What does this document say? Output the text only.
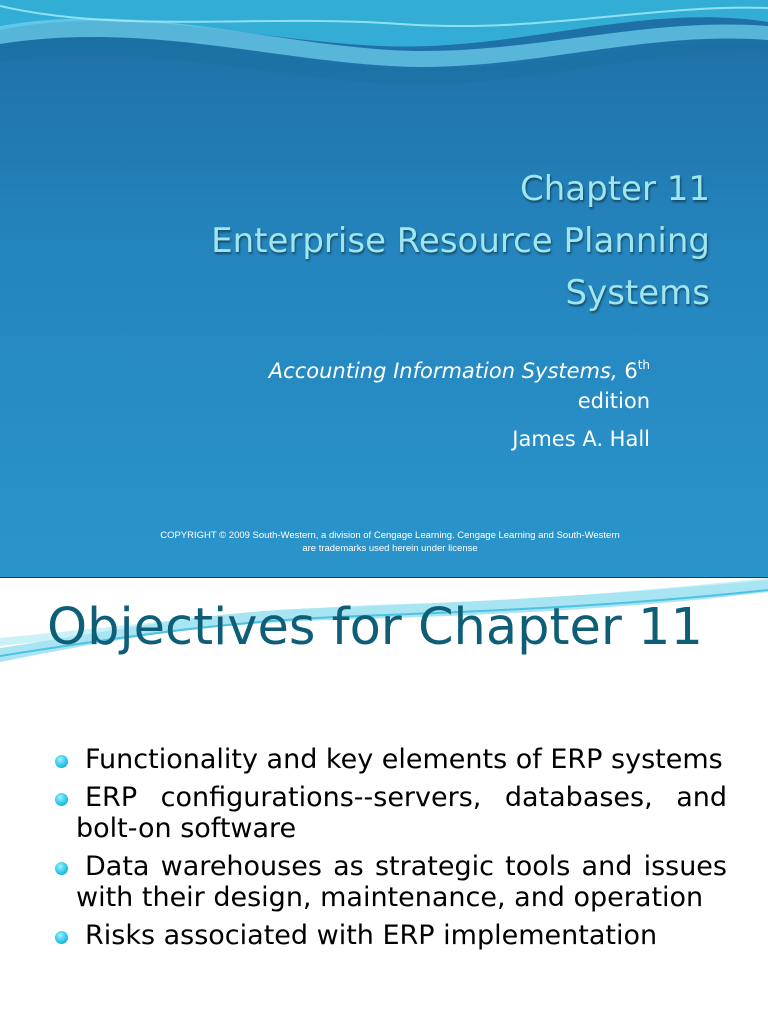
Chapter 11
Enterprise Resource Planning
Systems
Accounting Information Systems, 6th
edition
James A. Hall
COPYRIGHT © 2009 South-Western, a division of Cengage Learning. Cengage Learning and South-Western
are trademarks used herein under license
Objectives for Chapter 11
Functionality and key elements of ERP systems
ERP configurations--servers, databases, and bolt-on software
Data warehouses as strategic tools and issues with their design, maintenance, and operation
Risks associated with ERP implementation
